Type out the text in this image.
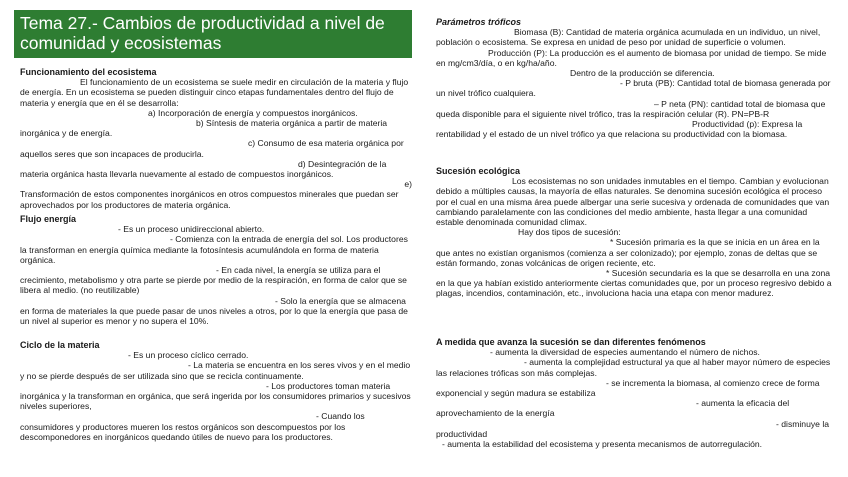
Tema 27.- Cambios de productividad a nivel de comunidad y ecosistemas
Funcionamiento del ecosistema
El funcionamiento de un ecosistema se suele medir en circulación de la materia y flujo de energía. En un ecosistema se pueden distinguir cinco etapas fundamentales dentro del flujo de materia y energía que en él se desarrolla:
a) Incorporación de energía y compuestos inorgánicos.
b) Síntesis de materia orgánica a partir de materia inorgánica y de energía.
c) Consumo de esa materia orgánica por aquellos seres que son incapaces de producirla.
d) Desintegración de la materia orgánica hasta llevarla nuevamente al estado de compuestos inorgánicos.
e)
Transformación de estos componentes inorgánicos en otros compuestos minerales que puedan ser aprovechados por los productores de materia orgánica.
Flujo energía
- Es un proceso unidireccional abierto.
- Comienza con la entrada de energía del sol. Los productores la transforman en energía química mediante la fotosíntesis acumulándola en forma de materia orgánica.
- En cada nivel, la energía se utiliza para el crecimiento, metabolismo y otra parte se pierde por medio de la respiración, en forma de calor que se libera al medio. (no reutilizable)
- Solo la energía que se almacena en forma de materiales la que puede pasar de unos niveles a otros, por lo que la energía que pasa de un nivel al superior es menor y no supera el 10%.
Ciclo de la materia
- Es un proceso cíclico cerrado.
- La materia se encuentra en los seres vivos y en el medio y no se pierde después de ser utilizada sino que se recicla continuamente.
- Los productores toman materia inorgánica y la transforman en orgánica, que será ingerida por los consumidores primarios y sucesivos niveles superiores,
- Cuando los consumidores y productores mueren los restos orgánicos son descompuestos por los descomponedores en inorgánicos quedando útiles de nuevo para los productores.
Parámetros tróficos
Biomasa (B): Cantidad de materia orgánica acumulada en un individuo, un nivel, población o ecosistema. Se expresa en unidad de peso por unidad de superficie o volumen.
Producción (P): La producción es el aumento de biomasa por unidad de tiempo. Se mide en mg/cm3/día, o en kg/ha/año.
Dentro de la producción se diferencia.
- P bruta (PB): Cantidad total de biomasa generada por un nivel trófico cualquiera.
– P neta (PN): cantidad total de biomasa que queda disponible para el siguiente nivel trófico, tras la respiración celular (R). PN=PB-R
Productividad (p): Expresa la rentabilidad y el estado de un nivel trófico ya que relaciona su productividad con la biomasa.
Sucesión ecológica
Los ecosistemas no son unidades inmutables en el tiempo. Cambian y evolucionan debido a múltiples causas, la mayoría de ellas naturales. Se denomina sucesión ecológica el proceso por el cual en una misma área puede albergar una serie sucesiva y ordenada de comunidades que van cambiando paralelamente con las condiciones del medio ambiente, hasta llegar a una comunidad estable denominada comunidad climax.
Hay dos tipos de sucesión:
* Sucesión primaria es la que se inicia en un área en la que antes no existían organismos (comienza a ser colonizado); por ejemplo, zonas de deltas que se están formando, zonas volcánicas de origen reciente, etc.
* Sucesión secundaria es la que se desarrolla en una zona en la que ya habían existido anteriormente ciertas comunidades que, por un proceso regresivo debido a plagas, incendios, contaminación, etc., involuciona hacia una etapa con menor madurez.
A medida que avanza la sucesión se dan diferentes fenómenos
- aumenta la diversidad de especies aumentando el número de nichos.
- aumenta la complejidad estructural ya que al haber mayor número de especies las relaciones tróficas son más complejas.
- se incrementa la biomasa, al comienzo crece de forma exponencial y según madura se estabiliza
- aumenta la eficacia del aprovechamiento de la energía
- disminuye la productividad
- aumenta la estabilidad del ecosistema y presenta mecanismos de autorregulación.
